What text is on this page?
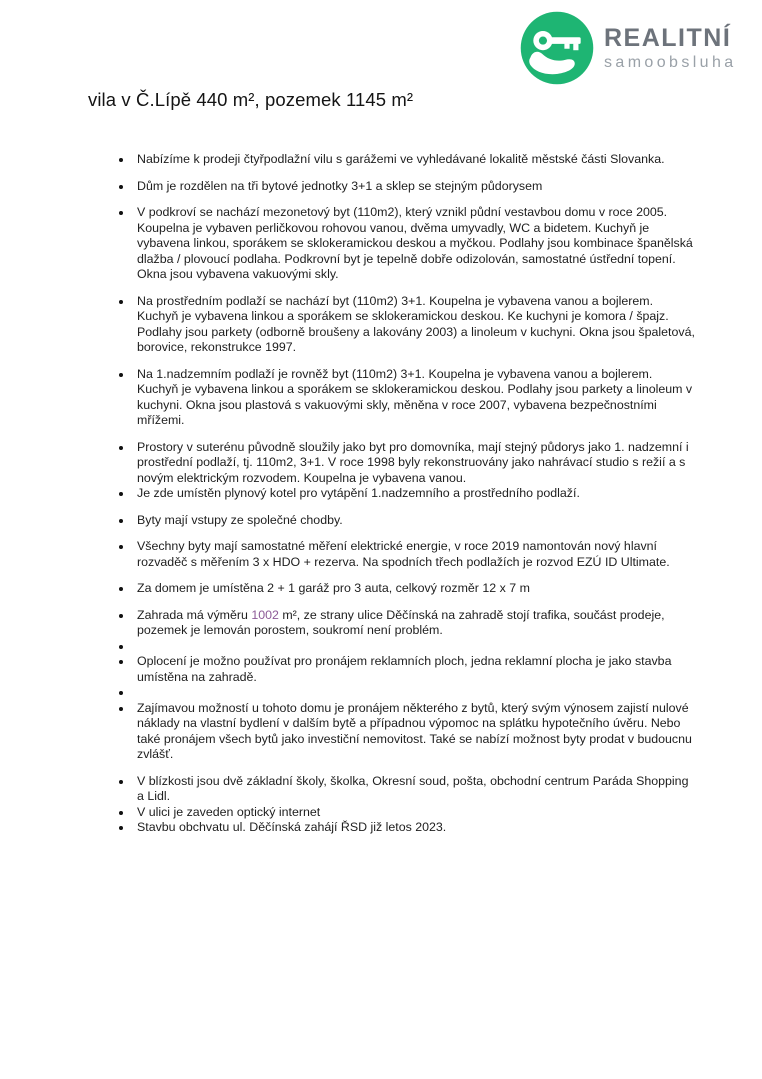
REALITNÍ
samoobsluha
vila v Č.Lípě 440 m², pozemek 1145 m²
Nabízíme k prodeji čtyřpodlažní vilu s garážemi ve vyhledávané lokalitě městské části Slovanka.
Dům je rozdělen na tři bytové jednotky 3+1 a sklep se stejným půdorysem
V podkroví se nachází mezonetový byt (110m2), který vznikl půdní vestavbou domu v roce 2005. Koupelna je vybaven perličkovou rohovou vanou, dvěma umyvadly, WC a bidetem. Kuchyň je vybavena linkou, sporákem se sklokeramickou deskou a myčkou. Podlahy jsou kombinace španělská dlažba / plovoucí podlaha. Podkrovní byt je tepelně dobře odizolován, samostatné ústřední topení. Okna jsou vybavena vakuovými skly.
Na prostředním podlaží se nachází byt (110m2) 3+1. Koupelna je vybavena vanou a bojlerem. Kuchyň je vybavena linkou a sporákem se sklokeramickou deskou. Ke kuchyni je komora / špajz. Podlahy jsou parkety (odborně broušeny a lakovány 2003) a linoleum v kuchyni. Okna jsou špaletová, borovice, rekonstrukce 1997.
Na 1.nadzemním podlaží je rovněž byt (110m2) 3+1. Koupelna je vybavena vanou a bojlerem. Kuchyň je vybavena linkou a sporákem se sklokeramickou deskou. Podlahy jsou parkety a linoleum v kuchyni. Okna jsou plastová s vakuovými skly, měněna v roce 2007, vybavena bezpečnostními mřížemi.
Prostory v suterénu původně sloužily jako byt pro domovníka, mají stejný půdorys jako 1. nadzemní i prostřední podlaží, tj. 110m2, 3+1. V roce 1998 byly rekonstruovány jako nahrávací studio s režií a s novým elektrickým rozvodem. Koupelna je vybavena vanou.
Je zde umístěn plynový kotel pro vytápění 1.nadzemního a prostředního podlaží.
Byty mají vstupy ze společné chodby.
Všechny byty mají samostatné měření elektrické energie, v roce 2019 namontován nový hlavní rozvaděč s měřením 3 x HDO + rezerva. Na spodních třech podlažích je rozvod EZÚ ID Ultimate.
Za domem je umístěna 2 + 1 garáž pro 3 auta, celkový rozměr 12 x 7 m
Zahrada má výměru 1002 m², ze strany ulice Děčínská na zahradě stojí trafika, součást prodeje, pozemek je lemován porostem, soukromí není problém.
Oplocení je možno používat pro pronájem reklamních ploch, jedna reklamní plocha je jako stavba umístěna na zahradě.
Zajímavou možností u tohoto domu je pronájem některého z bytů, který svým výnosem zajistí nulové náklady na vlastní bydlení v dalším bytě a případnou výpomoc na splátku hypotečního úvěru. Nebo také pronájem všech bytů jako investiční nemovitost. Také se nabízí možnost byty prodat v budoucnu zvlášť.
V blízkosti jsou dvě základní školy, školka, Okresní soud, pošta, obchodní centrum Paráda Shopping a Lidl.
V ulici je zaveden optický internet
Stavbu obchvatu ul. Děčínská zahájí ŘSD již letos 2023.
